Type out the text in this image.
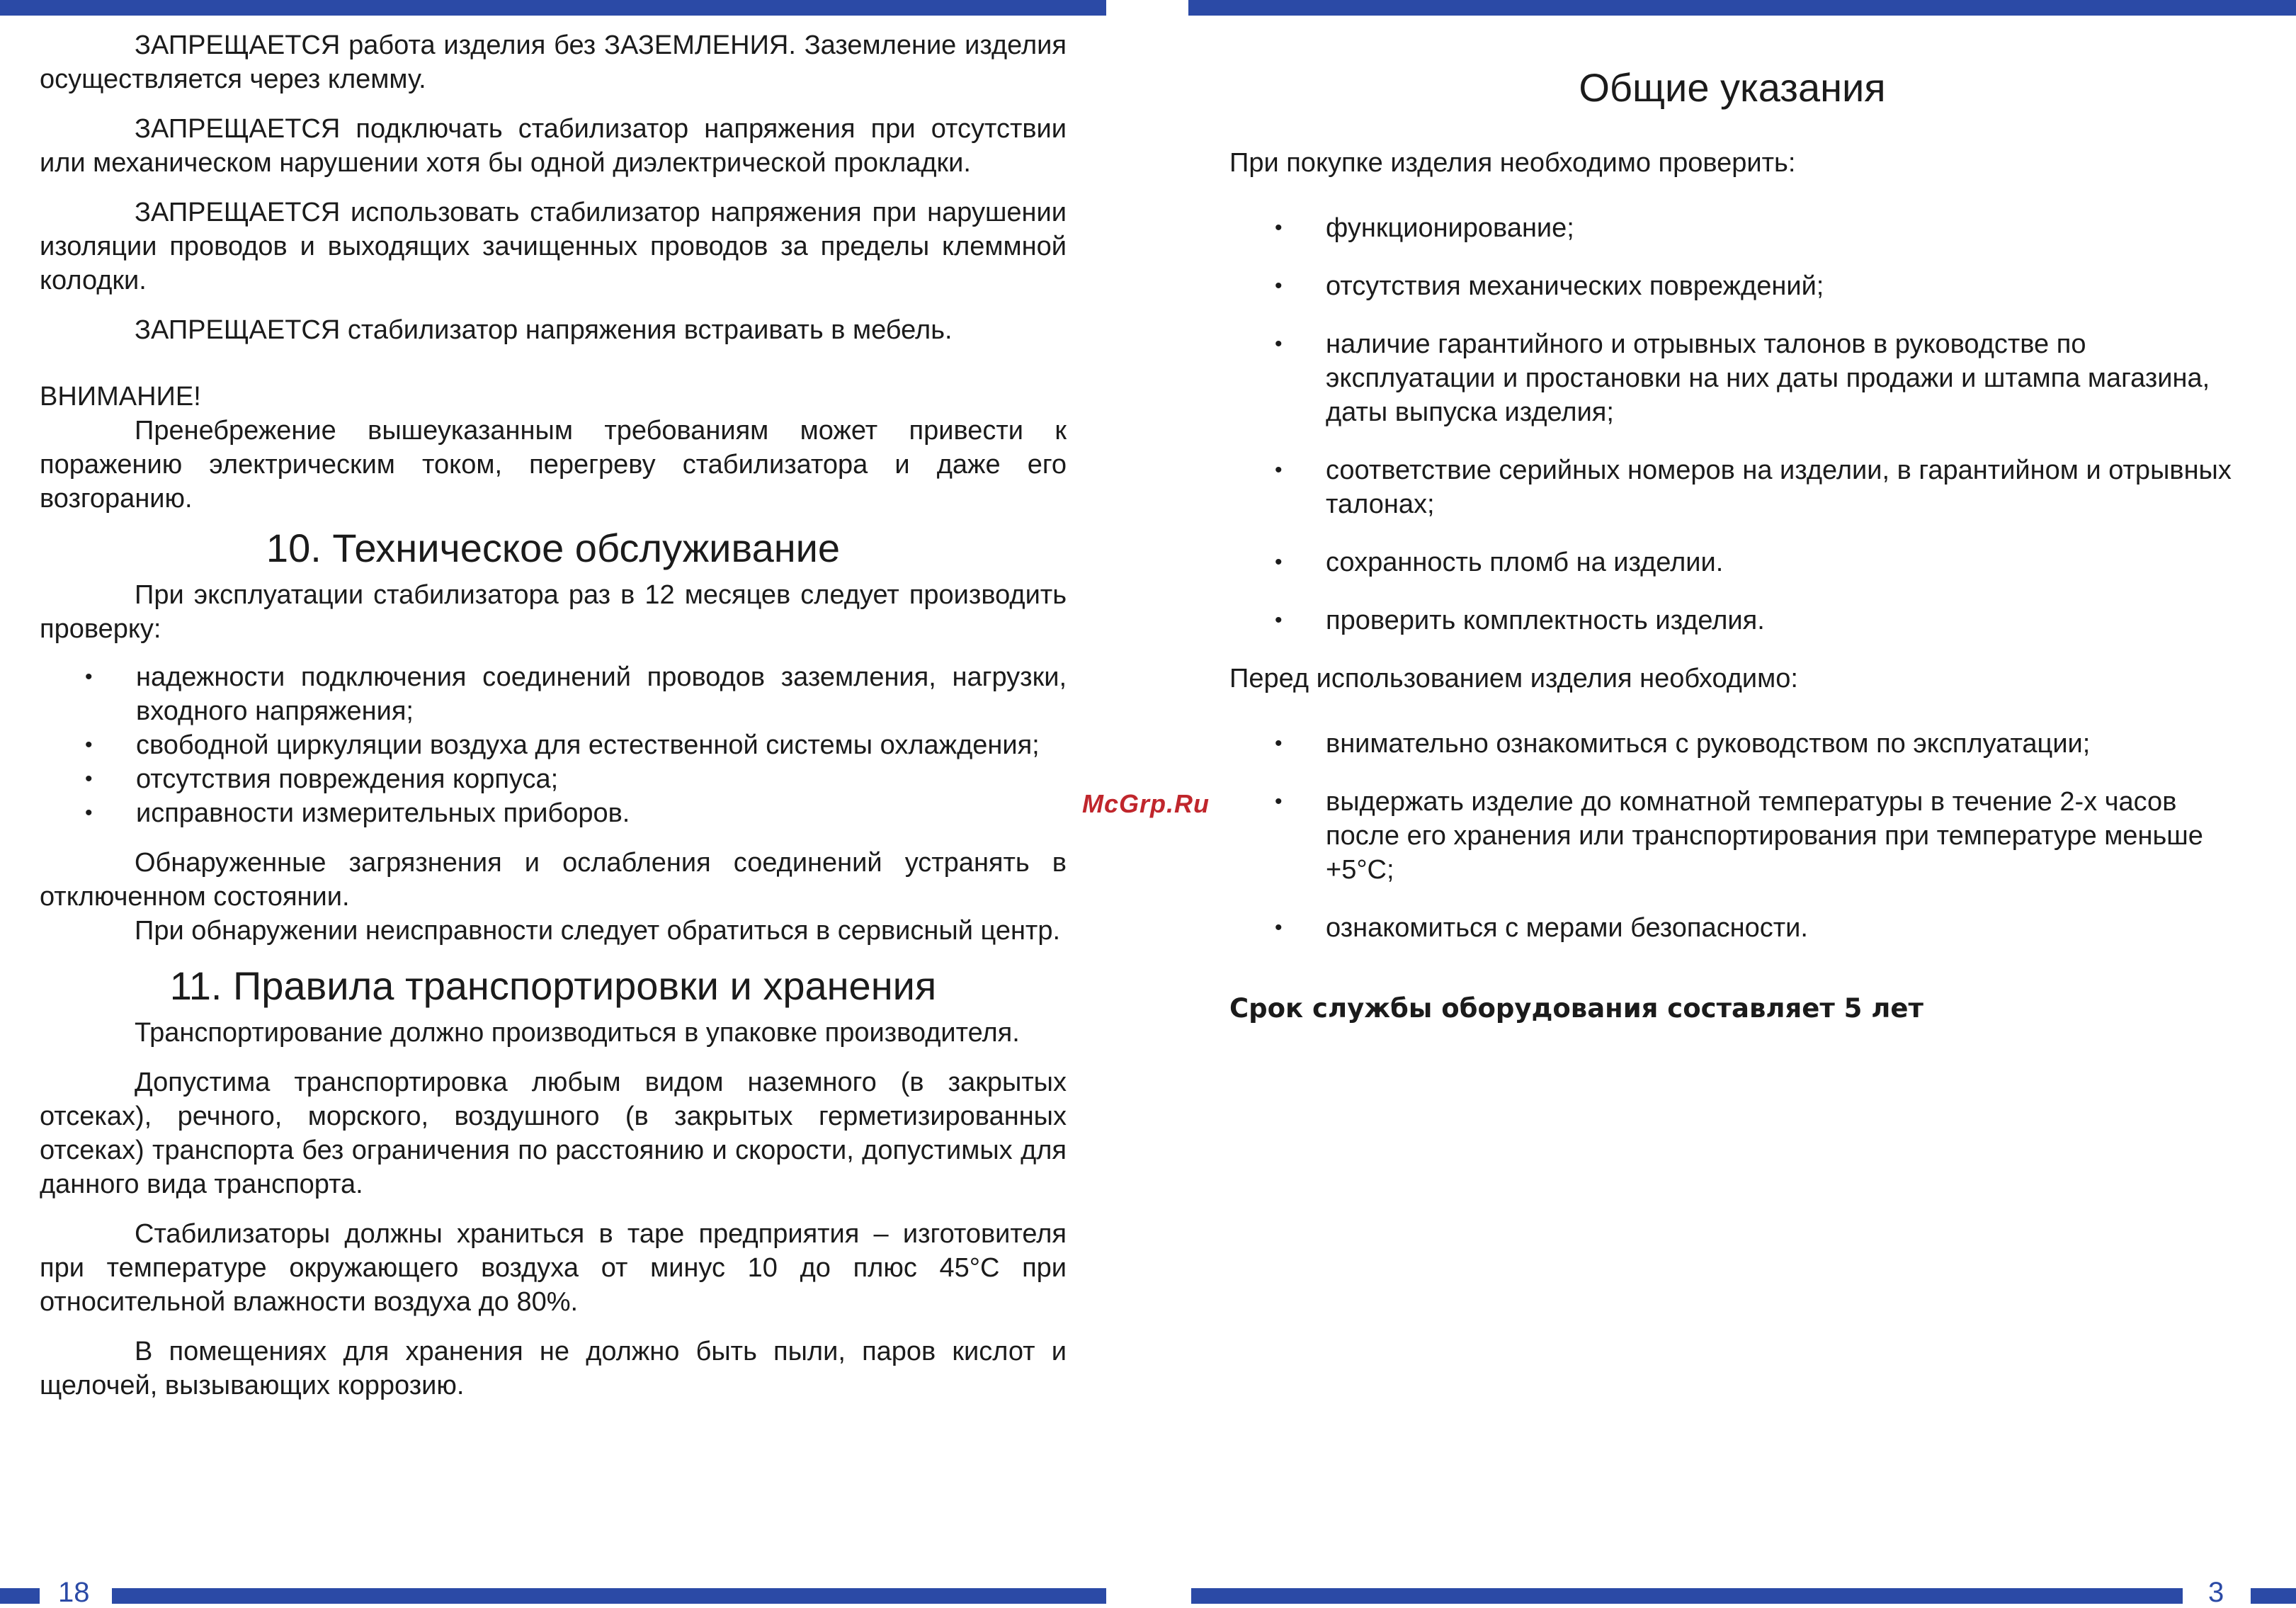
18	3
McGrp.Ru

ЗАПРЕЩАЕТСЯ работа изделия без ЗАЗЕМЛЕНИЯ. Заземление изделия осуществляется через клемму.

ЗАПРЕЩАЕТСЯ подключать стабилизатор напряжения при отсутствии или механическом нарушении хотя бы одной диэлектрической прокладки.

ЗАПРЕЩАЕТСЯ использовать стабилизатор напряжения при нарушении изоляции проводов и выходящих зачищенных проводов за пределы клеммной колодки.

ЗАПРЕЩАЕТСЯ стабилизатор напряжения встраивать в мебель.

ВНИМАНИЕ!

Пренебрежение вышеуказанным требованиям может привести к поражению электрическим током, перегреву стабилизатора и даже его возгоранию.

10. Техническое обслуживание

При эксплуатации стабилизатора раз в 12 месяцев следует производить проверку:

• надежности подключения соединений проводов заземления, нагрузки, входного напряжения;
• свободной циркуляции воздуха для естественной системы охлаждения;
• отсутствия повреждения корпуса;
• исправности измерительных приборов.

Обнаруженные загрязнения и ослабления соединений устранять в отключенном состоянии.

При обнаружении неисправности следует обратиться в сервисный центр.

11. Правила транспортировки и хранения

Транспортирование должно производиться в упаковке производителя.

Допустима транспортировка любым видом наземного (в закрытых отсеках), речного, морского, воздушного (в закрытых герметизированных отсеках) транспорта без ограничения по расстоянию и скорости, допустимых для данного вида транспорта.

Стабилизаторы должны храниться в таре предприятия – изготовителя при температуре окружающего воздуха от минус 10 до плюс 45°С при относительной влажности воздуха до 80%.

В помещениях для хранения не должно быть пыли, паров кислот и щелочей, вызывающих коррозию.

Общие указания

При покупке изделия необходимо проверить:

• функционирование;
• отсутствия механических повреждений;
• наличие гарантийного и отрывных талонов в руководстве по эксплуатации и простановки на них даты продажи и штампа магазина, даты выпуска изделия;
• соответствие серийных номеров на изделии, в гарантийном и отрывных талонах;
• сохранность пломб на изделии.
• проверить комплектность изделия.

Перед использованием изделия необходимо:

• внимательно ознакомиться с руководством по эксплуатации;
• выдержать изделие до комнатной температуры в течение 2-х часов после его хранения или транспортирования при температуре меньше +5°С;
• ознакомиться с мерами безопасности.

Срок службы оборудования составляет 5 лет
